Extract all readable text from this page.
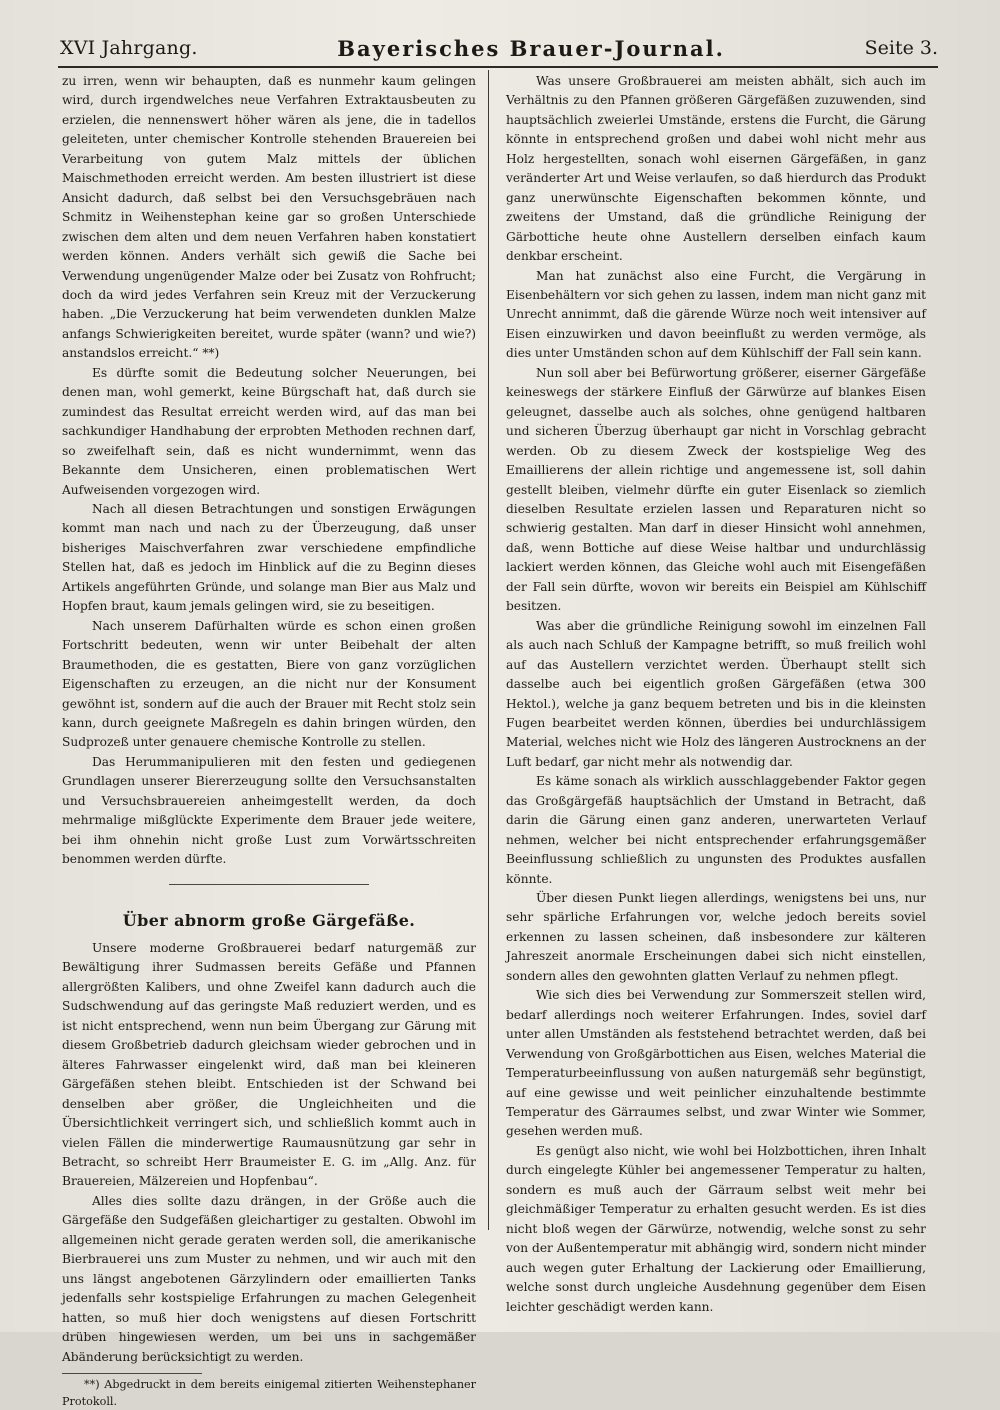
XVI Jahrgang.	Bayerisches Brauer-Journal.	Seite 3.

zu irren, wenn wir behaupten, daß es nunmehr kaum gelingen wird, durch irgendwelches neue Verfahren Extraktausbeuten zu erzielen, die nennenswert höher wären als jene, die in tadellos geleiteten, unter chemischer Kontrolle stehenden Brauereien bei Verarbeitung von gutem Malz mittels der üblichen Maischmethoden erreicht werden. Am besten illustriert ist diese Ansicht dadurch, daß selbst bei den Versuchsgebräuen nach Schmitz in Weihenstephan keine gar so großen Unterschiede zwischen dem alten und dem neuen Verfahren haben konstatiert werden können. Anders verhält sich gewiß die Sache bei Verwendung ungenügender Malze oder bei Zusatz von Rohfrucht; doch da wird jedes Verfahren sein Kreuz mit der Verzuckerung haben. „Die Verzuckerung hat beim verwendeten dunklen Malze anfangs Schwierigkeiten bereitet, wurde später (wann? und wie?) anstandslos erreicht.“ **)

Es dürfte somit die Bedeutung solcher Neuerungen, bei denen man, wohl gemerkt, keine Bürgschaft hat, daß durch sie zumindest das Resultat erreicht werden wird, auf das man bei sachkundiger Handhabung der erprobten Methoden rechnen darf, so zweifelhaft sein, daß es nicht wundernimmt, wenn das Bekannte dem Unsicheren, einen problematischen Wert Aufweisenden vorgezogen wird.

Nach all diesen Betrachtungen und sonstigen Erwägungen kommt man nach und nach zu der Überzeugung, daß unser bisheriges Maischverfahren zwar verschiedene empfindliche Stellen hat, daß es jedoch im Hinblick auf die zu Beginn dieses Artikels angeführten Gründe, und solange man Bier aus Malz und Hopfen braut, kaum jemals gelingen wird, sie zu beseitigen.

Nach unserem Dafürhalten würde es schon einen großen Fortschritt bedeuten, wenn wir unter Beibehalt der alten Braumethoden, die es gestatten, Biere von ganz vorzüglichen Eigenschaften zu erzeugen, an die nicht nur der Konsument gewöhnt ist, sondern auf die auch der Brauer mit Recht stolz sein kann, durch geeignete Maßregeln es dahin bringen würden, den Sudprozeß unter genauere chemische Kontrolle zu stellen.

Das Herummanipulieren mit den festen und gediegenen Grundlagen unserer Biererzeugung sollte den Versuchsanstalten und Versuchsbrauereien anheimgestellt werden, da doch mehrmalige mißglückte Experimente dem Brauer jede weitere, bei ihm ohnehin nicht große Lust zum Vorwärtsschreiten benommen werden dürfte.

Über abnorm große Gärgefäße.

Unsere moderne Großbrauerei bedarf naturgemäß zur Bewältigung ihrer Sudmassen bereits Gefäße und Pfannen allergrößten Kalibers, und ohne Zweifel kann dadurch auch die Sudschwendung auf das geringste Maß reduziert werden, und es ist nicht entsprechend, wenn nun beim Übergang zur Gärung mit diesem Großbetrieb dadurch gleichsam wieder gebrochen und in älteres Fahrwasser eingelenkt wird, daß man bei kleineren Gärgefäßen stehen bleibt. Entschieden ist der Schwand bei denselben aber größer, die Ungleichheiten und die Übersichtlichkeit verringert sich, und schließlich kommt auch in vielen Fällen die minderwertige Raumausnützung gar sehr in Betracht, so schreibt Herr Braumeister E. G. im „Allg. Anz. für Brauereien, Mälzereien und Hopfenbau“.

Alles dies sollte dazu drängen, in der Größe auch die Gärgefäße den Sudgefäßen gleichartiger zu gestalten. Obwohl im allgemeinen nicht gerade geraten werden soll, die amerikanische Bierbrauerei uns zum Muster zu nehmen, und wir auch mit den uns längst angebotenen Gärzylindern oder emaillierten Tanks jedenfalls sehr kostspielige Erfahrungen zu machen Gelegenheit hatten, so muß hier doch wenigstens auf diesen Fortschritt drüben hingewiesen werden, um bei uns in sachgemäßer Abänderung berücksichtigt zu werden.

**) Abgedruckt in dem bereits einigemal zitierten Weihenstephaner Protokoll.

Was unsere Großbrauerei am meisten abhält, sich auch im Verhältnis zu den Pfannen größeren Gärgefäßen zuzuwenden, sind hauptsächlich zweierlei Umstände, erstens die Furcht, die Gärung könnte in entsprechend großen und dabei wohl nicht mehr aus Holz hergestellten, sonach wohl eisernen Gärgefäßen, in ganz veränderter Art und Weise verlaufen, so daß hierdurch das Produkt ganz unerwünschte Eigenschaften bekommen könnte, und zweitens der Umstand, daß die gründliche Reinigung der Gärbottiche heute ohne Austellern derselben einfach kaum denkbar erscheint.

Man hat zunächst also eine Furcht, die Vergärung in Eisenbehältern vor sich gehen zu lassen, indem man nicht ganz mit Unrecht annimmt, daß die gärende Würze noch weit intensiver auf Eisen einzuwirken und davon beeinflußt zu werden vermöge, als dies unter Umständen schon auf dem Kühlschiff der Fall sein kann.

Nun soll aber bei Befürwortung größerer, eiserner Gärgefäße keineswegs der stärkere Einfluß der Gärwürze auf blankes Eisen geleugnet, dasselbe auch als solches, ohne genügend haltbaren und sicheren Überzug überhaupt gar nicht in Vorschlag gebracht werden. Ob zu diesem Zweck der kostspielige Weg des Emaillierens der allein richtige und angemessene ist, soll dahin gestellt bleiben, vielmehr dürfte ein guter Eisenlack so ziemlich dieselben Resultate erzielen lassen und Reparaturen nicht so schwierig gestalten. Man darf in dieser Hinsicht wohl annehmen, daß, wenn Bottiche auf diese Weise haltbar und undurchlässig lackiert werden können, das Gleiche wohl auch mit Eisengefäßen der Fall sein dürfte, wovon wir bereits ein Beispiel am Kühlschiff besitzen.

Was aber die gründliche Reinigung sowohl im einzelnen Fall als auch nach Schluß der Kampagne betrifft, so muß freilich wohl auf das Austellern verzichtet werden. Überhaupt stellt sich dasselbe auch bei eigentlich großen Gärgefäßen (etwa 300 Hektol.), welche ja ganz bequem betreten und bis in die kleinsten Fugen bearbeitet werden können, überdies bei undurchlässigem Material, welches nicht wie Holz des längeren Austrocknens an der Luft bedarf, gar nicht mehr als notwendig dar.

Es käme sonach als wirklich ausschlaggebender Faktor gegen das Großgärgefäß hauptsächlich der Umstand in Betracht, daß darin die Gärung einen ganz anderen, unerwarteten Verlauf nehmen, welcher bei nicht entsprechender erfahrungsgemäßer Beeinflussung schließlich zu ungunsten des Produktes ausfallen könnte.

Über diesen Punkt liegen allerdings, wenigstens bei uns, nur sehr spärliche Erfahrungen vor, welche jedoch bereits soviel erkennen zu lassen scheinen, daß insbesondere zur kälteren Jahreszeit anormale Erscheinungen dabei sich nicht einstellen, sondern alles den gewohnten glatten Verlauf zu nehmen pflegt.

Wie sich dies bei Verwendung zur Sommerszeit stellen wird, bedarf allerdings noch weiterer Erfahrungen. Indes, soviel darf unter allen Umständen als feststehend betrachtet werden, daß bei Verwendung von Großgärbottichen aus Eisen, welches Material die Temperaturbeeinflussung von außen naturgemäß sehr begünstigt, auf eine gewisse und weit peinlicher einzuhaltende bestimmte Temperatur des Gärraumes selbst, und zwar Winter wie Sommer, gesehen werden muß.

Es genügt also nicht, wie wohl bei Holzbottichen, ihren Inhalt durch eingelegte Kühler bei angemessener Temperatur zu halten, sondern es muß auch der Gärraum selbst weit mehr bei gleichmäßiger Temperatur zu erhalten gesucht werden. Es ist dies nicht bloß wegen der Gärwürze, notwendig, welche sonst zu sehr von der Außentemperatur mit abhängig wird, sondern nicht minder auch wegen guter Erhaltung der Lackierung oder Emaillierung, welche sonst durch ungleiche Ausdehnung gegenüber dem Eisen leichter geschädigt werden kann.
